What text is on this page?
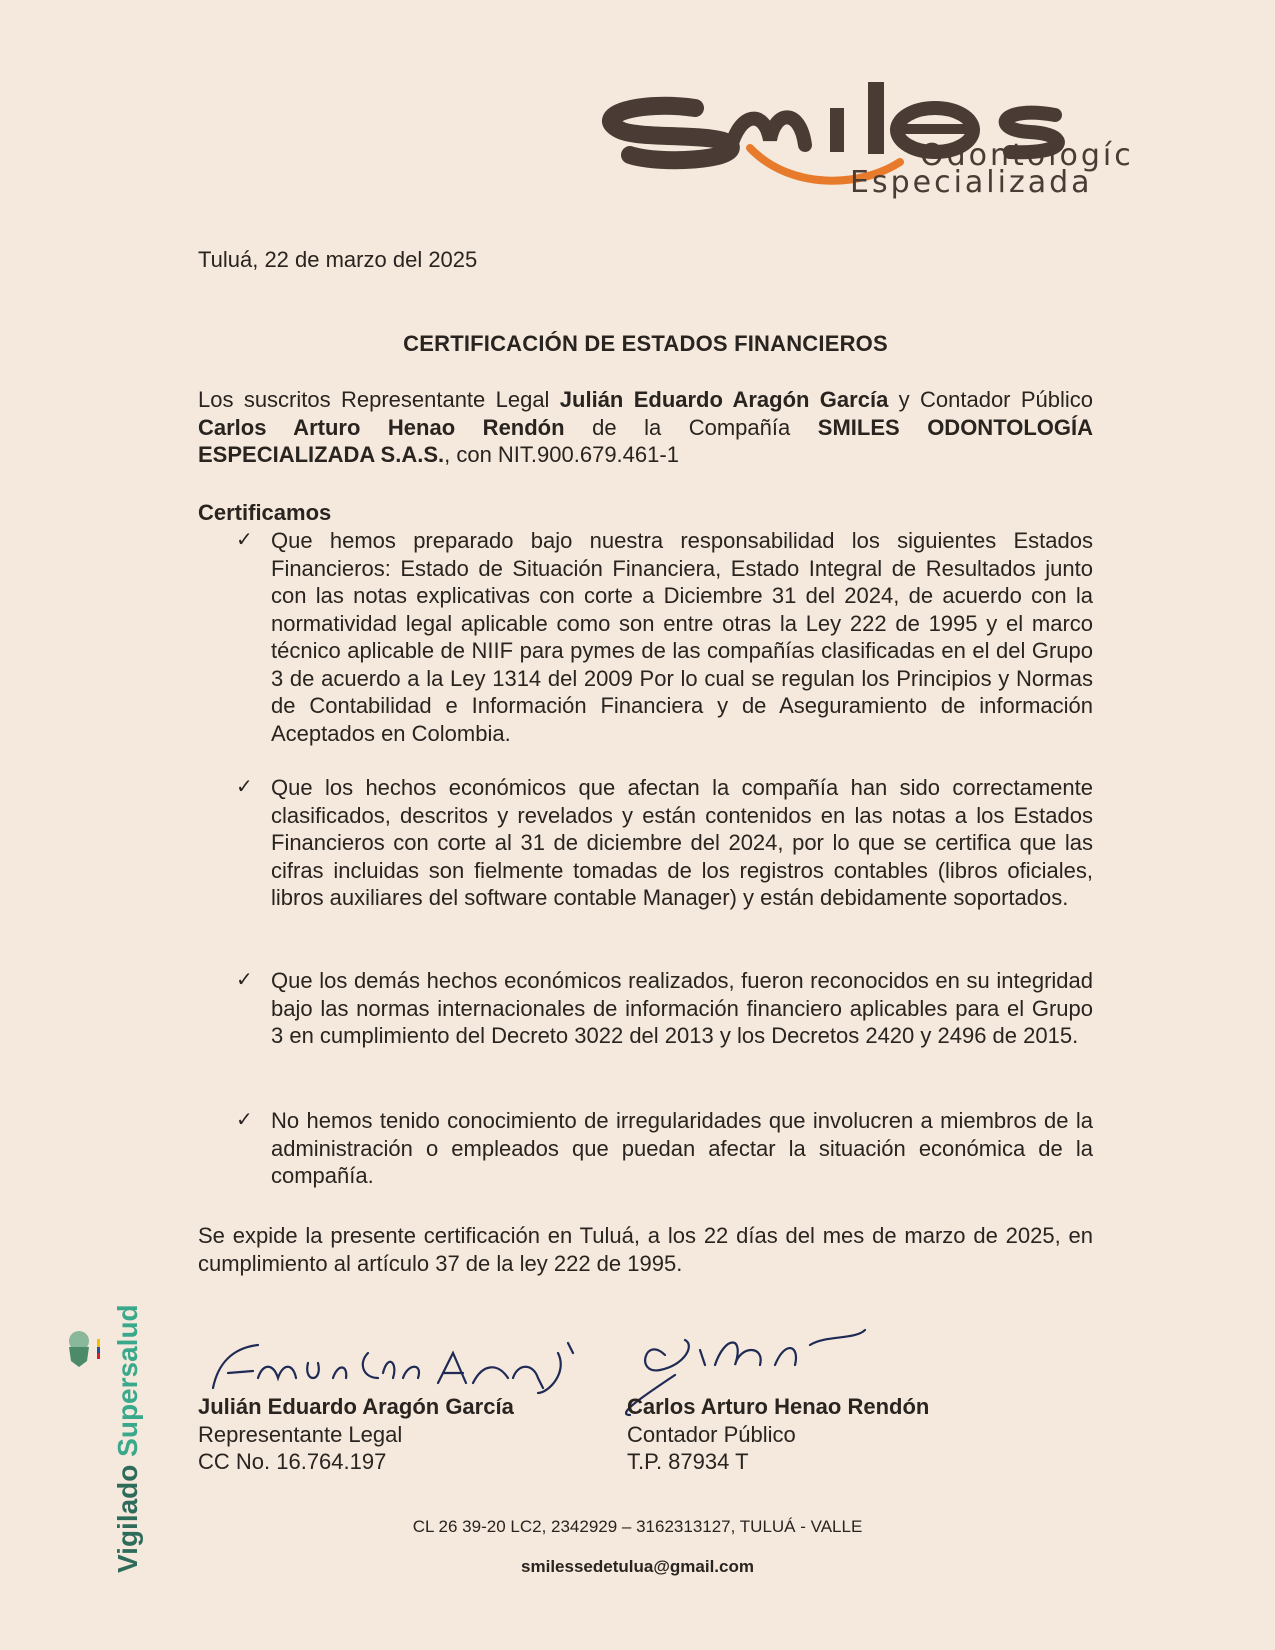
Odontologíc
Especializada
Tuluá, 22 de marzo del 2025
CERTIFICACIÓN DE ESTADOS FINANCIEROS
Los suscritos Representante Legal Julián Eduardo Aragón García y Contador Público Carlos Arturo Henao Rendón de la Compañía SMILES ODONTOLOGÍA ESPECIALIZADA S.A.S., con NIT.900.679.461-1
Certificamos
✓ Que hemos preparado bajo nuestra responsabilidad los siguientes Estados Financieros: Estado de Situación Financiera, Estado Integral de Resultados junto con las notas explicativas con corte a Diciembre 31 del 2024, de acuerdo con la normatividad legal aplicable como son entre otras la Ley 222 de 1995 y el marco técnico aplicable de NIIF para pymes de las compañías clasificadas en el del Grupo 3 de acuerdo a la Ley 1314 del 2009 Por lo cual se regulan los Principios y Normas de Contabilidad e Información Financiera y de Aseguramiento de información Aceptados en Colombia.
✓ Que los hechos económicos que afectan la compañía han sido correctamente clasificados, descritos y revelados y están contenidos en las notas a los Estados Financieros con corte al 31 de diciembre del 2024, por lo que se certifica que las cifras incluidas son fielmente tomadas de los registros contables (libros oficiales, libros auxiliares del software contable Manager) y están debidamente soportados.
✓ Que los demás hechos económicos realizados, fueron reconocidos en su integridad bajo las normas internacionales de información financiero aplicables para el Grupo 3 en cumplimiento del Decreto 3022 del 2013 y los Decretos 2420 y 2496 de 2015.
✓ No hemos tenido conocimiento de irregularidades que involucren a miembros de la administración o empleados que puedan afectar la situación económica de la compañía.
Se expide la presente certificación en Tuluá, a los 22 días del mes de marzo de 2025, en cumplimiento al artículo 37 de la ley 222 de 1995.
Julián Eduardo Aragón García
Representante Legal
CC No. 16.764.197
Carlos Arturo Henao Rendón
Contador Público
T.P. 87934 T
Vigilado Supersalud
CL 26 39-20 LC2, 2342929 – 3162313127, TULUÁ - VALLE
smilessedetulua@gmail.com
